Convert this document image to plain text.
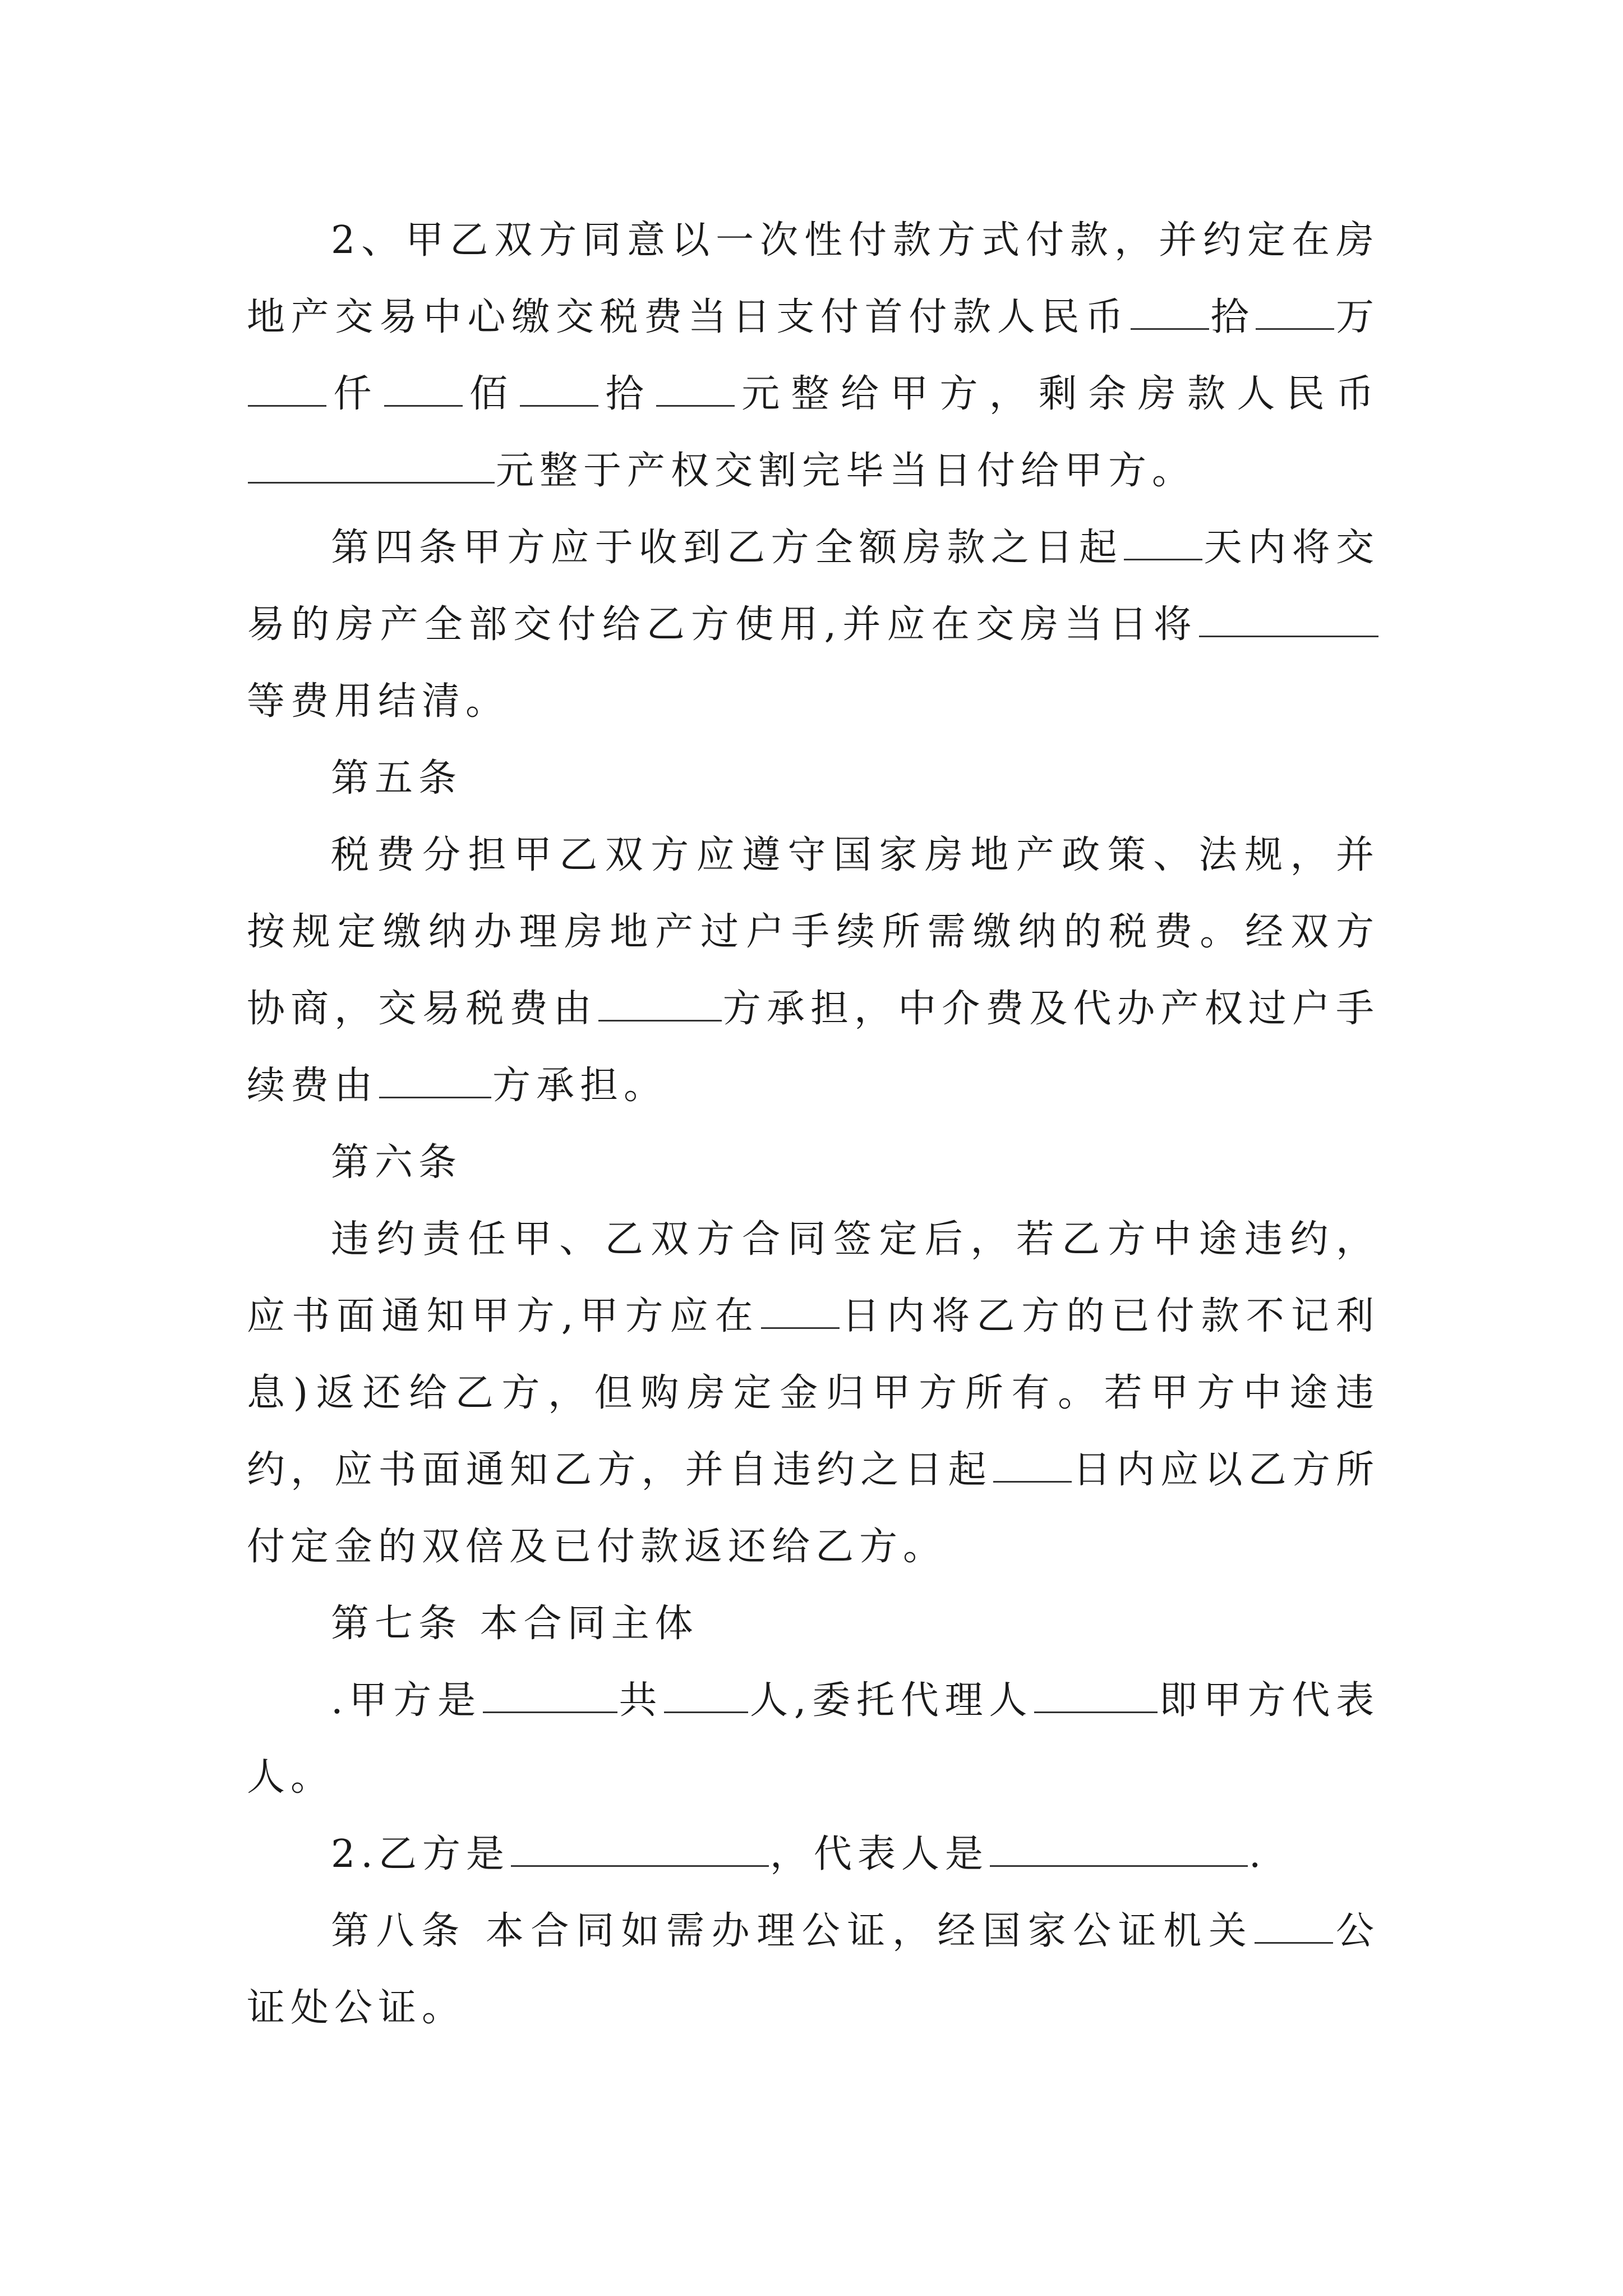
2、甲乙双方同意以一次性付款方式付款，并约定在房地产交易中心缴交税费当日支付首付款人民币 拾 万仟 佰 拾 元整给甲方，剩余房款人民币元整于产权交割完毕当日付给甲方。

第四条甲方应于收到乙方全额房款之日起 天内将交易的房产全部交付给乙方使用,并应在交房当日将等费用结清。

第五条

税费分担甲乙双方应遵守国家房地产政策、法规，并按规定缴纳办理房地产过户手续所需缴纳的税费。经双方协商，交易税费由	方承担，中介费及代办产权过户手续费由	方承担。

第六条

违约责任甲、乙双方合同签定后，若乙方中途违约，应书面通知甲方,甲方应在 日内将乙方的已付款不记利息)返还给乙方，但购房定金归甲方所有。若甲方中途违约，应书面通知乙方，并自违约之日起 日内应以乙方所付定金的双倍及已付款返还给乙方。

第七条 本合同主体

.甲方是	共 人,委托代理人	即甲方代表人。

2.乙方是	，代表人是	.

第八条 本合同如需办理公证，经国家公证机关 公证处公证。
